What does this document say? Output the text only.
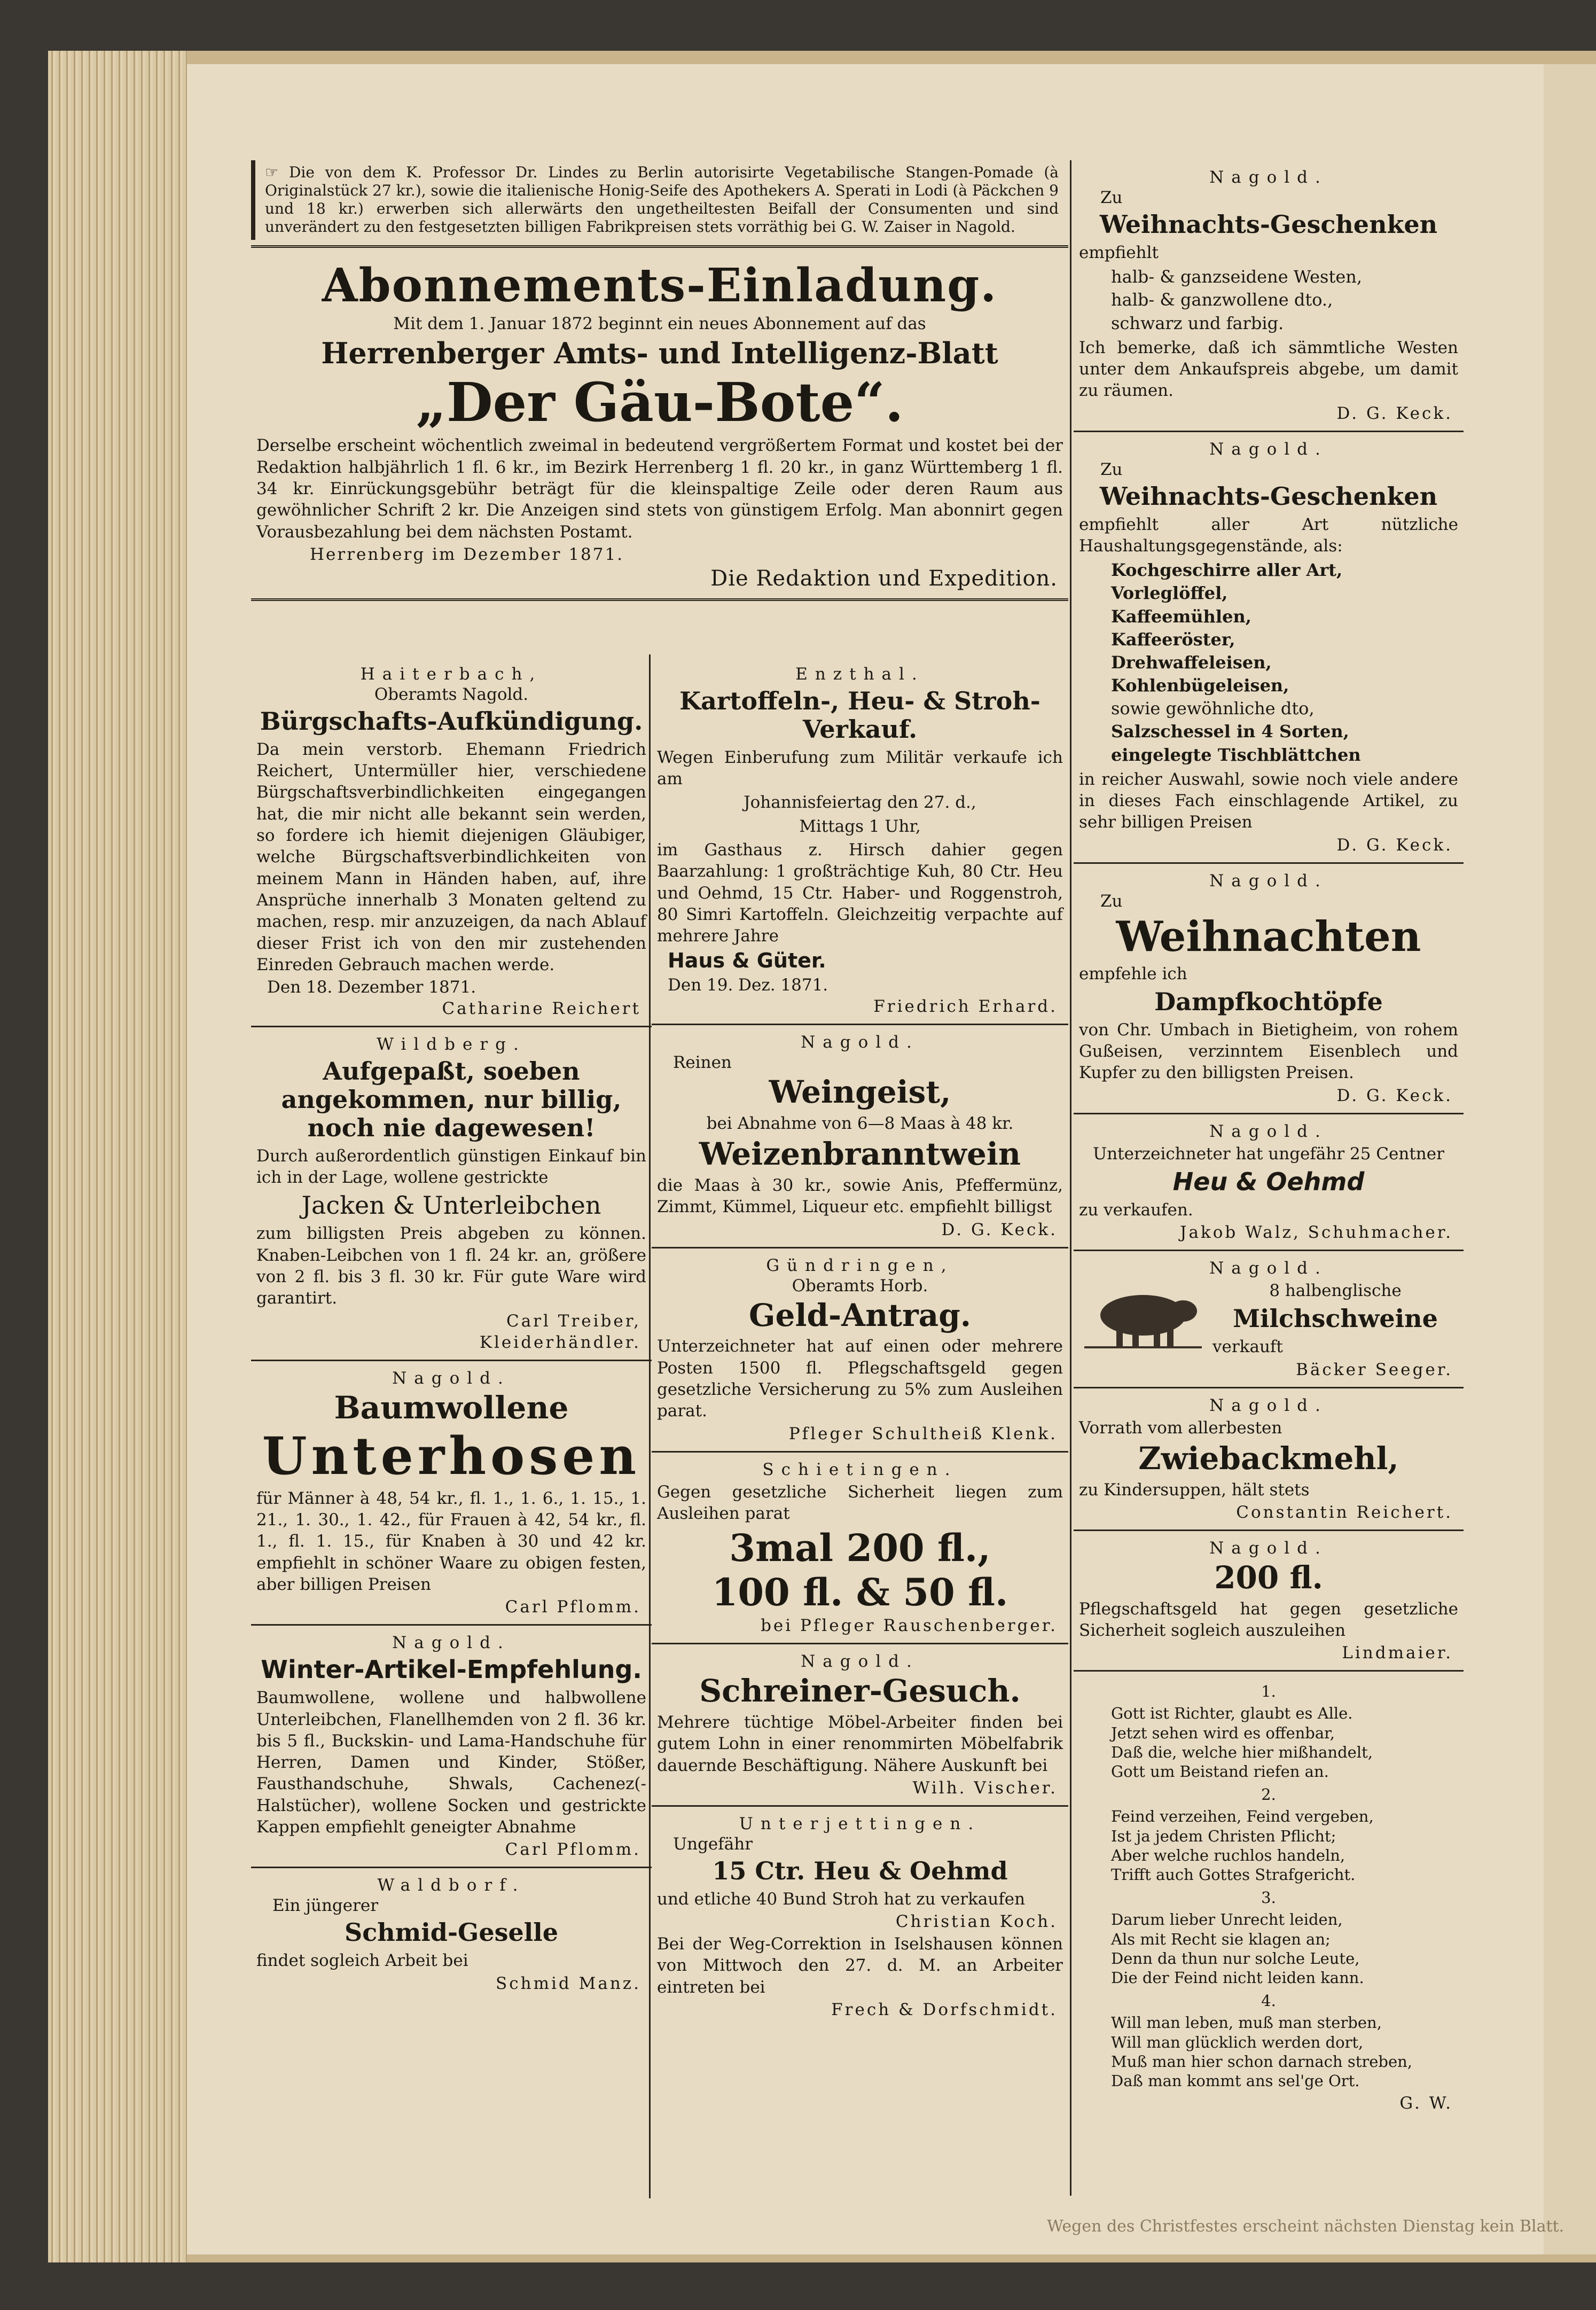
☞ Die von dem K. Professor Dr. Lindes zu Berlin autorisirte Vegetabilische Stangen-Pomade (à Originalstück 27 kr.), sowie die italienische Honig-Seife des Apothekers A. Sperati in Lodi (à Päckchen 9 und 18 kr.) erwerben sich allerwärts den ungetheiltesten Beifall der Consumenten und sind unverändert zu den festgesetzten billigen Fabrikpreisen stets vorräthig bei G. W. Zaiser in Nagold.
Abonnements-Einladung.
Mit dem 1. Januar 1872 beginnt ein neues Abonnement auf das
Herrenberger Amts- und Intelligenz-Blatt
„Der Gäu-Bote“.
Derselbe erscheint wöchentlich zweimal in bedeutend vergrößertem Format und kostet bei der Redaktion halbjährlich 1 fl. 6 kr., im Bezirk Herrenberg 1 fl. 20 kr., in ganz Württemberg 1 fl. 34 kr. Einrückungsgebühr beträgt für die kleinspaltige Zeile oder deren Raum aus gewöhnlicher Schrift 2 kr. Die Anzeigen sind stets von günstigem Erfolg. Man abonnirt gegen Vorausbezahlung bei dem nächsten Postamt.
Herrenberg im Dezember 1871.
Die Redaktion und Expedition.
Haiterbach,
Oberamts Nagold.
Bürgschafts-Aufkündigung.
Da mein verstorb. Ehemann Friedrich Reichert, Untermüller hier, verschiedene Bürgschaftsverbindlichkeiten eingegangen hat, die mir nicht alle bekannt sein werden, so fordere ich hiemit diejenigen Gläubiger, welche Bürgschaftsverbindlichkeiten von meinem Mann in Händen haben, auf, ihre Ansprüche innerhalb 3 Monaten geltend zu machen, resp. mir anzuzeigen, da nach Ablauf dieser Frist ich von den mir zustehenden Einreden Gebrauch machen werde.
Den 18. Dezember 1871.
Catharine Reichert
Wildberg.
Aufgepaßt, soeben angekommen, nur billig, noch nie dagewesen!
Durch außerordentlich günstigen Einkauf bin ich in der Lage, wollene gestrickte
Jacken & Unterleibchen
zum billigsten Preis abgeben zu können. Knaben-Leibchen von 1 fl. 24 kr. an, größere von 2 fl. bis 3 fl. 30 kr. Für gute Ware wird garantirt.
Carl Treiber,
Kleiderhändler.
Nagold.
Baumwollene
Unterhosen
für Männer à 48, 54 kr., fl. 1., 1. 6., 1. 15., 1. 21., 1. 30., 1. 42., für Frauen à 42, 54 kr., fl. 1., fl. 1. 15., für Knaben à 30 und 42 kr. empfiehlt in schöner Waare zu obigen festen, aber billigen Preisen
Carl Pflomm.
Nagold.
Winter-Artikel-Empfehlung.
Baumwollene, wollene und halbwollene Unterleibchen, Flanellhemden von 2 fl. 36 kr. bis 5 fl., Buckskin- und Lama-Handschuhe für Herren, Damen und Kinder, Stößer, Fausthandschuhe, Shwals, Cachenez(-Halstücher), wollene Socken und gestrickte Kappen empfiehlt geneigter Abnahme
Carl Pflomm.
Waldborf.
Ein jüngerer
Schmid-Geselle
findet sogleich Arbeit bei
Schmid Manz.
Enzthal.
Kartoffeln-, Heu- & Stroh-Verkauf.
Wegen Einberufung zum Militär verkaufe ich am
Johannisfeiertag den 27. d.,
Mittags 1 Uhr,
im Gasthaus z. Hirsch dahier gegen Baarzahlung: 1 großträchtige Kuh, 80 Ctr. Heu und Oehmd, 15 Ctr. Haber- und Roggenstroh, 80 Simri Kartoffeln. Gleichzeitig verpachte auf mehrere Jahre
Haus & Güter.
Den 19. Dez. 1871.
Friedrich Erhard.
Nagold.
Reinen
Weingeist,
bei Abnahme von 6—8 Maas à 48 kr.
Weizenbranntwein
die Maas à 30 kr., sowie Anis, Pfeffermünz, Zimmt, Kümmel, Liqueur etc. empfiehlt billigst
D. G. Keck.
Gündringen,
Oberamts Horb.
Geld-Antrag.
Unterzeichneter hat auf einen oder mehrere Posten 1500 fl. Pflegschaftsgeld gegen gesetzliche Versicherung zu 5% zum Ausleihen parat.
Pfleger Schultheiß Klenk.
Schietingen.
Gegen gesetzliche Sicherheit liegen zum Ausleihen parat
3mal 200 fl.,
100 fl. & 50 fl.
bei Pfleger Rauschenberger.
Nagold.
Schreiner-Gesuch.
Mehrere tüchtige Möbel-Arbeiter finden bei gutem Lohn in einer renommirten Möbelfabrik dauernde Beschäftigung. Nähere Auskunft bei
Wilh. Vischer.
Unterjettingen.
Ungefähr
15 Ctr. Heu & Oehmd
und etliche 40 Bund Stroh hat zu verkaufen
Christian Koch.
Bei der Weg-Correktion in Iselshausen können von Mittwoch den 27. d. M. an Arbeiter eintreten bei
Frech & Dorfschmidt.
Nagold.
Zu
Weihnachts-Geschenken
empfiehlt
halb- & ganzseidene Westen,
halb- & ganzwollene dto.,
schwarz und farbig.
Ich bemerke, daß ich sämmtliche Westen unter dem Ankaufspreis abgebe, um damit zu räumen.
D. G. Keck.
Nagold.
Zu
Weihnachts-Geschenken
empfiehlt aller Art nützliche Haushaltungsgegenstände, als:
Kochgeschirre aller Art,
Vorleglöffel,
Kaffeemühlen,
Kaffeeröster,
Drehwaffeleisen,
Kohlenbügeleisen,
sowie gewöhnliche dto,
Salzschessel in 4 Sorten,
eingelegte Tischblättchen
in reicher Auswahl, sowie noch viele andere in dieses Fach einschlagende Artikel, zu sehr billigen Preisen
D. G. Keck.
Nagold.
Zu
Weihnachten
empfehle ich
Dampfkochtöpfe
von Chr. Umbach in Bietigheim, von rohem Gußeisen, verzinntem Eisenblech und Kupfer zu den billigsten Preisen.
D. G. Keck.
Nagold.
Unterzeichneter hat ungefähr 25 Centner
Heu & Oehmd
zu verkaufen.
Jakob Walz, Schuhmacher.
Nagold.
8 halbenglische
Milchschweine
verkauft
Bäcker Seeger.
Nagold.
Vorrath vom allerbesten
Zwiebackmehl,
zu Kindersuppen, hält stets
Constantin Reichert.
Nagold.
200 fl.
Pflegschaftsgeld hat gegen gesetzliche Sicherheit sogleich auszuleihen
Lindmaier.
1.
Gott ist Richter, glaubt es Alle.
Jetzt sehen wird es offenbar,
Daß die, welche hier mißhandelt,
Gott um Beistand riefen an.
2.
Feind verzeihen, Feind vergeben,
Ist ja jedem Christen Pflicht;
Aber welche ruchlos handeln,
Trifft auch Gottes Strafgericht.
3.
Darum lieber Unrecht leiden,
Als mit Recht sie klagen an;
Denn da thun nur solche Leute,
Die der Feind nicht leiden kann.
4.
Will man leben, muß man sterben,
Will man glücklich werden dort,
Muß man hier schon darnach streben,
Daß man kommt ans sel'ge Ort.
G. W.
Wegen des Christfestes erscheint nächsten Dienstag kein Blatt.
